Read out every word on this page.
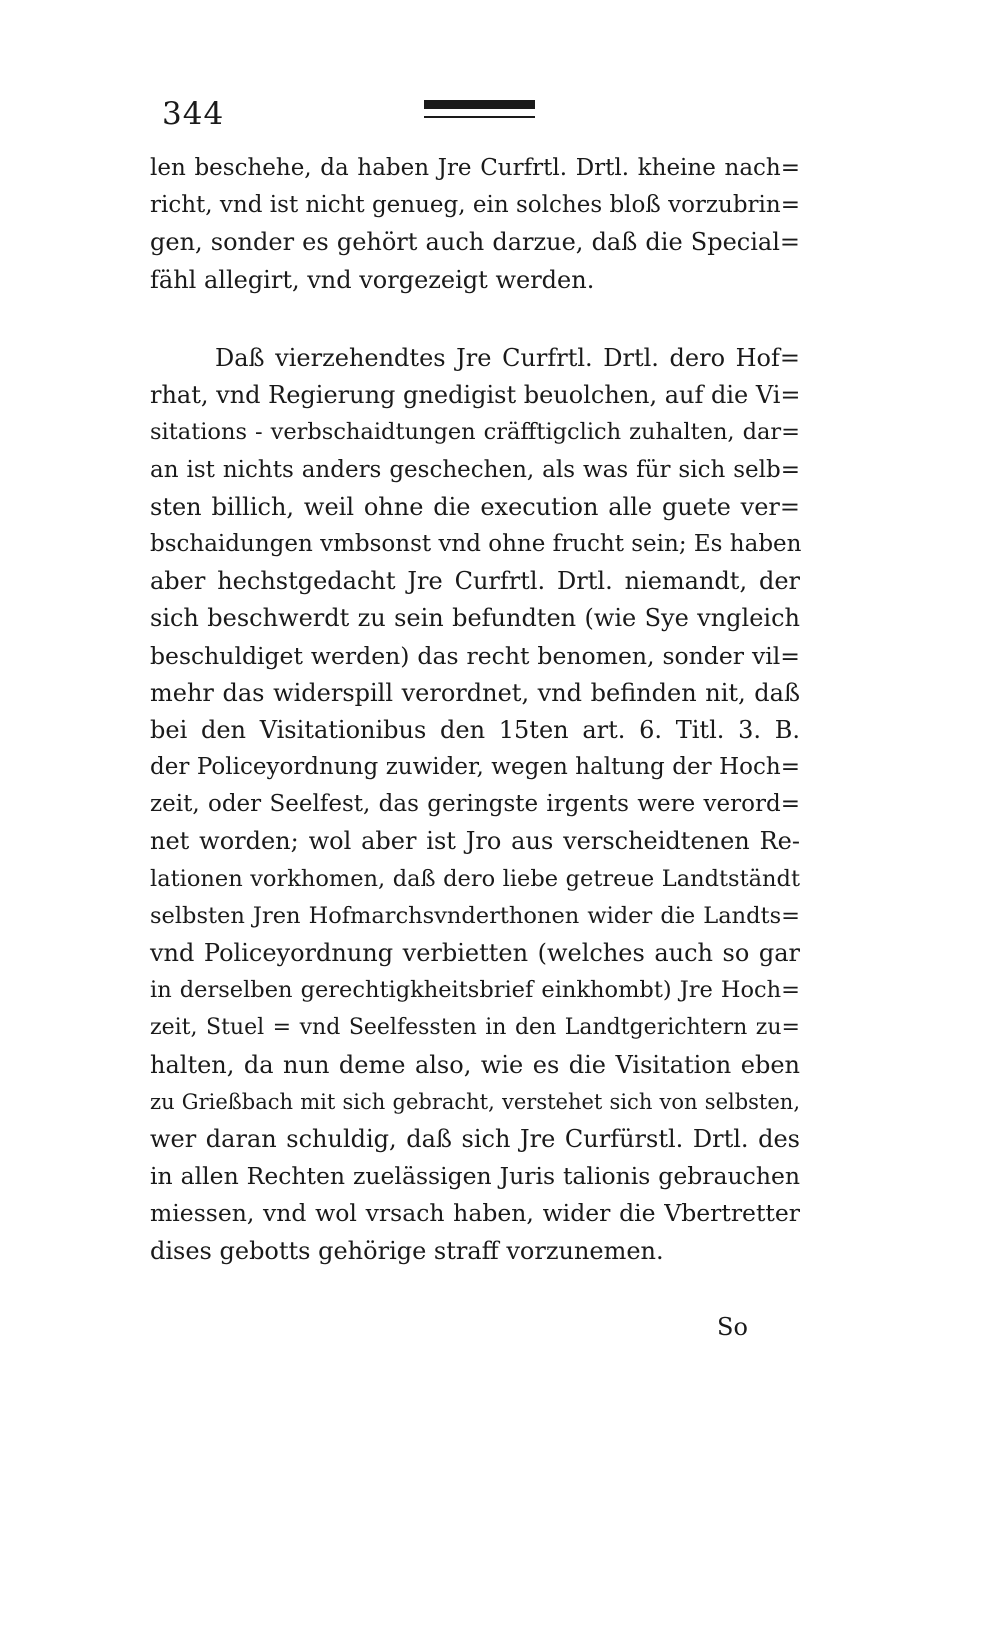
344
len beschehe, da haben Jre Curfrtl. Drtl. kheine nach=
richt, vnd ist nicht genueg, ein solches bloß vorzubrin=
gen, sonder es gehört auch darzue, daß die Special=
fähl allegirt, vnd vorgezeigt werden.
Daß vierzehendtes Jre Curfrtl. Drtl. dero Hof=
rhat, vnd Regierung gnedigist beuolchen, auf die Vi=
sitations - verbschaidtungen cräfftigclich zuhalten, dar=
an ist nichts anders geschechen, als was für sich selb=
sten billich, weil ohne die execution alle guete ver=
bschaidungen vmbsonst vnd ohne frucht sein; Es haben
aber hechstgedacht Jre Curfrtl. Drtl. niemandt, der
sich beschwerdt zu sein befundten (wie Sye vngleich
beschuldiget werden) das recht benomen, sonder vil=
mehr das widerspill verordnet, vnd befinden nit, daß
bei den Visitationibus den 15ten art. 6. Titl. 3. B.
der Policeyordnung zuwider, wegen haltung der Hoch=
zeit, oder Seelfest, das geringste irgents were verord=
net worden; wol aber ist Jro aus verscheidtenen Re-
lationen vorkhomen, daß dero liebe getreue Landtständt
selbsten Jren Hofmarchsvnderthonen wider die Landts=
vnd Policeyordnung verbietten (welches auch so gar
in derselben gerechtigkheitsbrief einkhombt) Jre Hoch=
zeit, Stuel = vnd Seelfessten in den Landtgerichtern zu=
halten, da nun deme also, wie es die Visitation eben
zu Grießbach mit sich gebracht, verstehet sich von selbsten,
wer daran schuldig, daß sich Jre Curfürstl. Drtl. des
in allen Rechten zuelässigen Juris talionis gebrauchen
miessen, vnd wol vrsach haben, wider die Vbertretter
dises gebotts gehörige straff vorzunemen.
So
